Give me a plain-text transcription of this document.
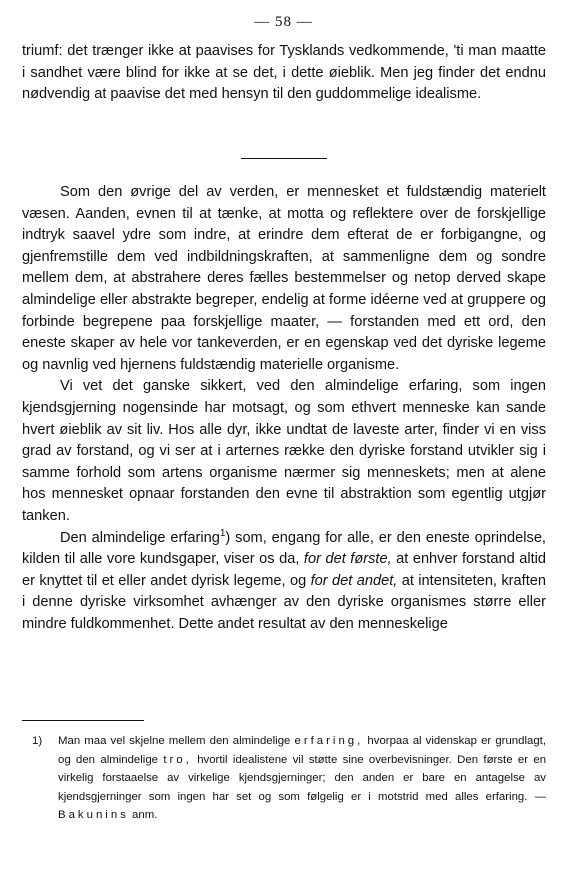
— 58 —

triumf: det trænger ikke at paavises for Tysklands vedkommende, 'ti man maatte i sandhet være blind for ikke at se det, i dette øieblik. Men jeg finder det endnu nødvendig at paavise det med hensyn til den guddommelige idealisme.

Som den øvrige del av verden, er mennesket et fuldstændig materielt væsen. Aanden, evnen til at tænke, at motta og reflektere over de forskjellige indtryk saavel ydre som indre, at erindre dem efterat de er forbigangne, og gjenfremstille dem ved indbildningskraften, at sammenligne dem og sondre mellem dem, at abstrahere deres fælles bestemmelser og netop derved skape almindelige eller abstrakte begreper, endelig at forme idéerne ved at gruppere og forbinde begrepene paa forskjellige maater, — forstanden med ett ord, den eneste skaper av hele vor tankeverden, er en egenskap ved det dyriske legeme og navnlig ved hjernens fuldstændig materielle organisme.

Vi vet det ganske sikkert, ved den almindelige erfaring, som ingen kjendsgjerning nogensinde har motsagt, og som ethvert menneske kan sande hvert øieblik av sit liv. Hos alle dyr, ikke undtat de laveste arter, finder vi en viss grad av forstand, og vi ser at i arternes række den dyriske forstand utvikler sig i samme forhold som artens organisme nærmer sig menneskets; men at alene hos mennesket opnaar forstanden den evne til abstraktion som egentlig utgjør tanken.

Den almindelige erfaring$^1$) som, engang for alle, er den eneste oprindelse, kilden til alle vore kundsgaper, viser os da, for det første, at enhver forstand altid er knyttet til et eller andet dyrisk legeme, og for det andet, at intensiteten, kraften i denne dyriske virksomhet avhænger av den dyriske organismes større eller mindre fuldkommenhet. Dette andet resultat av den menneskelige

1)	Man maa vel skjelne mellem den almindelige erfaring, hvorpaa al videnskap er grundlagt, og den almindelige tro, hvortil idealistene vil støtte sine overbevisninger. Den første er en virkelig forstaaelse av virkelige kjendsgjerninger; den anden er bare en antagelse av kjendsgjerninger som ingen har set og som følgelig er i motstrid med alles erfaring. — Bakunins anm.
